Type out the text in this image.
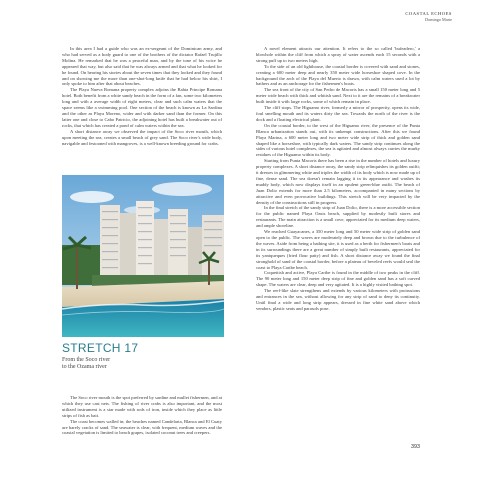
COASTAL ECHOES
Domingo Marte

In this area I had a guide who was an ex-sergeant of the Dominican army, and who had served as a body guard to one of the brothers of the dictator Rafael Trujillo Molina. He remarked that he was a peaceful man, and by the tone of his voice he appeared that way, but also said that he was always armed and that what he looked for he found. On hearing his stories about the seven times that they looked and they found and on showing me the more than one-shot-long knife that he had below his shirt, I only spoke to him after that about beaches.

The Playa Nueva Romana property complex adjoins the Bahia Principe Romana hotel. Both benefit from a white sandy beach in the form of a fan, some two kilometers long and with a average width of eight meters, clear and such calm waters that the space seems like a swimming pool. One section of the beach is known as La Sardina and the other as Playa Moreno, wider and with darker sand than the former. On this latter one and close to Cabo Patricio, the adjoining hotel has built a breakwater out of rocks, that which has created a pond of calm waters within the sea.

A short distance away we observed the impact of the Soco river mouth, which upon meeting the sea, creates a small beach of grey sand. The Soco river's wide body, navigable and festooned with mangroves, is a well-known breeding ground for crabs.

STRETCH 17
From the Soco river
to the Ozama river

The Soco river mouth is the spot preferred by sardine and mullet fishermen, and at which they use cast nets. The fishing of river crabs is also important, and the most utilized instrument is a star made with rods of iron, inside which they place as little strips of fish as bait.

The coast becomes walled in; the beaches named Candelaria, Blanca and El Cuaty are barely cracks of sand. The seawater is clear, with frequent, medium waves and the coastal vegetation is limited to beach grapes, isolated coconut trees and creepers.

A novel element attracts our attention. It refers to the so called 'bufeadero,' a blowhole within the cliff from which a spray of water ascends each 15 seconds with a strong puff up to two meters high.

To the side of an old lighthouse, the coastal border is covered with sand and stones, creating a 600 meter deep and nearly 350 meter wide horseshoe shaped cove. In the background the arch of the Playa del Muerto is drawn, with calm waters used a lot by bathers and as an anchorage for the fishermen's boats.

The sea front of the city of San Pedro de Macoris has a small 150 meter long and 5 meter wide beach with thick and whitish sand. Next to it are the remains of a breakwater built inside it with large rocks, some of which remain in place.

The cliff stops. The Higuamo river, formerly a mirror of prosperity, opens its wide, foul smelling mouth and its waters dirty the sea. Towards the north of the river is the dock and a floating electrical plant.

On the coastal border, to the west of the Higuamo river, the presence of the Punta Blanca urbanization stands out, with its unkempt constructions. After this we found Playa Marina, a 600 meter long and two meter wide strip of thick and golden sand shaped like a horseshoe, with typically dark waters. The sandy strip continues along the sides of various hotel complexes, the sea is agitated and almost always carries the murky residues of the Higuamo within its body.

Starting from Punta Macoris there has been a rise in the number of hotels and luxury property complexes. A short distance away, the sandy strip relinquishes its golden outfit; it dresses in glimmering white and triples the width of its body which is now made up of fine, dense sand. The sea doesn't remain lagging it in its appearance and washes its muddy body, which now displays itself in an opulent green-blue outfit. The beach of Juan Dolio extends for more than 2.5 kilometers, accompanied in many sections by attractive and even provocative buildings. This stretch will be very impacted by the density of the constructions still in progress.

In the final stretch of the sandy strip of Juan Dolio, there is a more accessible section for the public named Playa Oasis beach, supplied by modestly built stores and restaurants. The main attraction is a small cove, appreciated for its medium deep waters, and ample shoreline.

We reached Guayacanes, a 350 meter long and 50 meter wide strip of golden sand open to the public. The waves are moderately deep and brown due to the turbulence of the waves. Aside from being a bathing site, it is used as a berth for fishermen's boats and in its surroundings there are a great number of simply built restaurants, appreciated for its yaniqueques (fried flour patty) and fish. A short distance away we found the final stronghold of sand of the coastal border, before a plateau of beveled reefs would seal the coast to Playa Caribe beach.

Coquettish and active, Playa Caribe is found in the middle of two peaks in the cliff. The 90 meter long and 150 meter deep strip of fine and golden sand has a soft curved shape. The waters are clear, deep and very agitated. It is a highly visited bathing spot.

The reef-like slate strengthens and extends by various kilometers with protrusions and entrances in the sea, without allowing for any strip of sand to deny its continuity. Until final a wide and long strip appears, dressed in fine white sand above which vendors, plastic seats and parasols pose.

393
